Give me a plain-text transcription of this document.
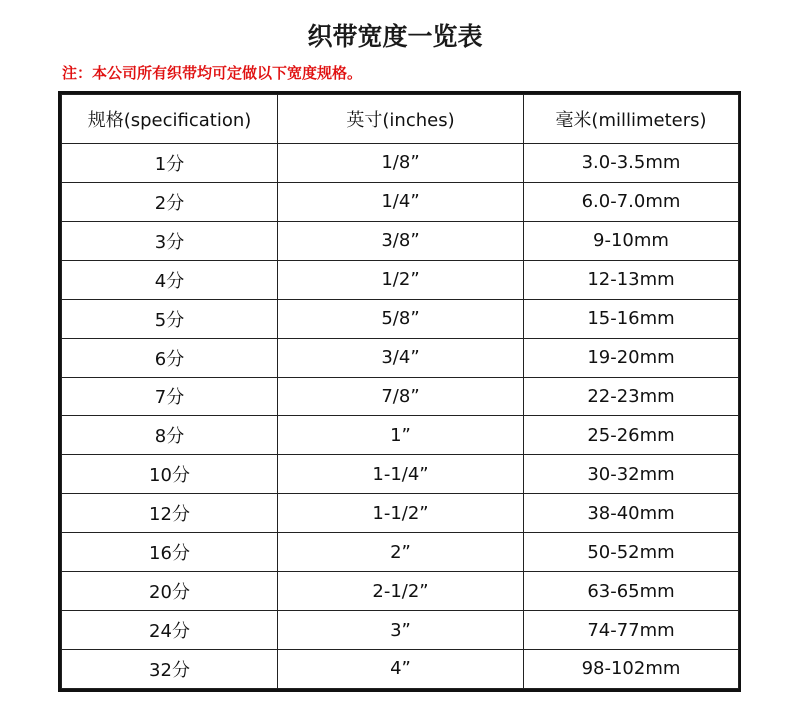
织带宽度一览表
注：本公司所有织带均可定做以下宽度规格。
规格(specification)	英寸(inches)	毫米(millimeters)
1分	1/8”	3.0-3.5mm
2分	1/4”	6.0-7.0mm
3分	3/8”	9-10mm
4分	1/2”	12-13mm
5分	5/8”	15-16mm
6分	3/4”	19-20mm
7分	7/8”	22-23mm
8分	1”	25-26mm
10分	1-1/4”	30-32mm
12分	1-1/2”	38-40mm
16分	2”	50-52mm
20分	2-1/2”	63-65mm
24分	3”	74-77mm
32分	4”	98-102mm
